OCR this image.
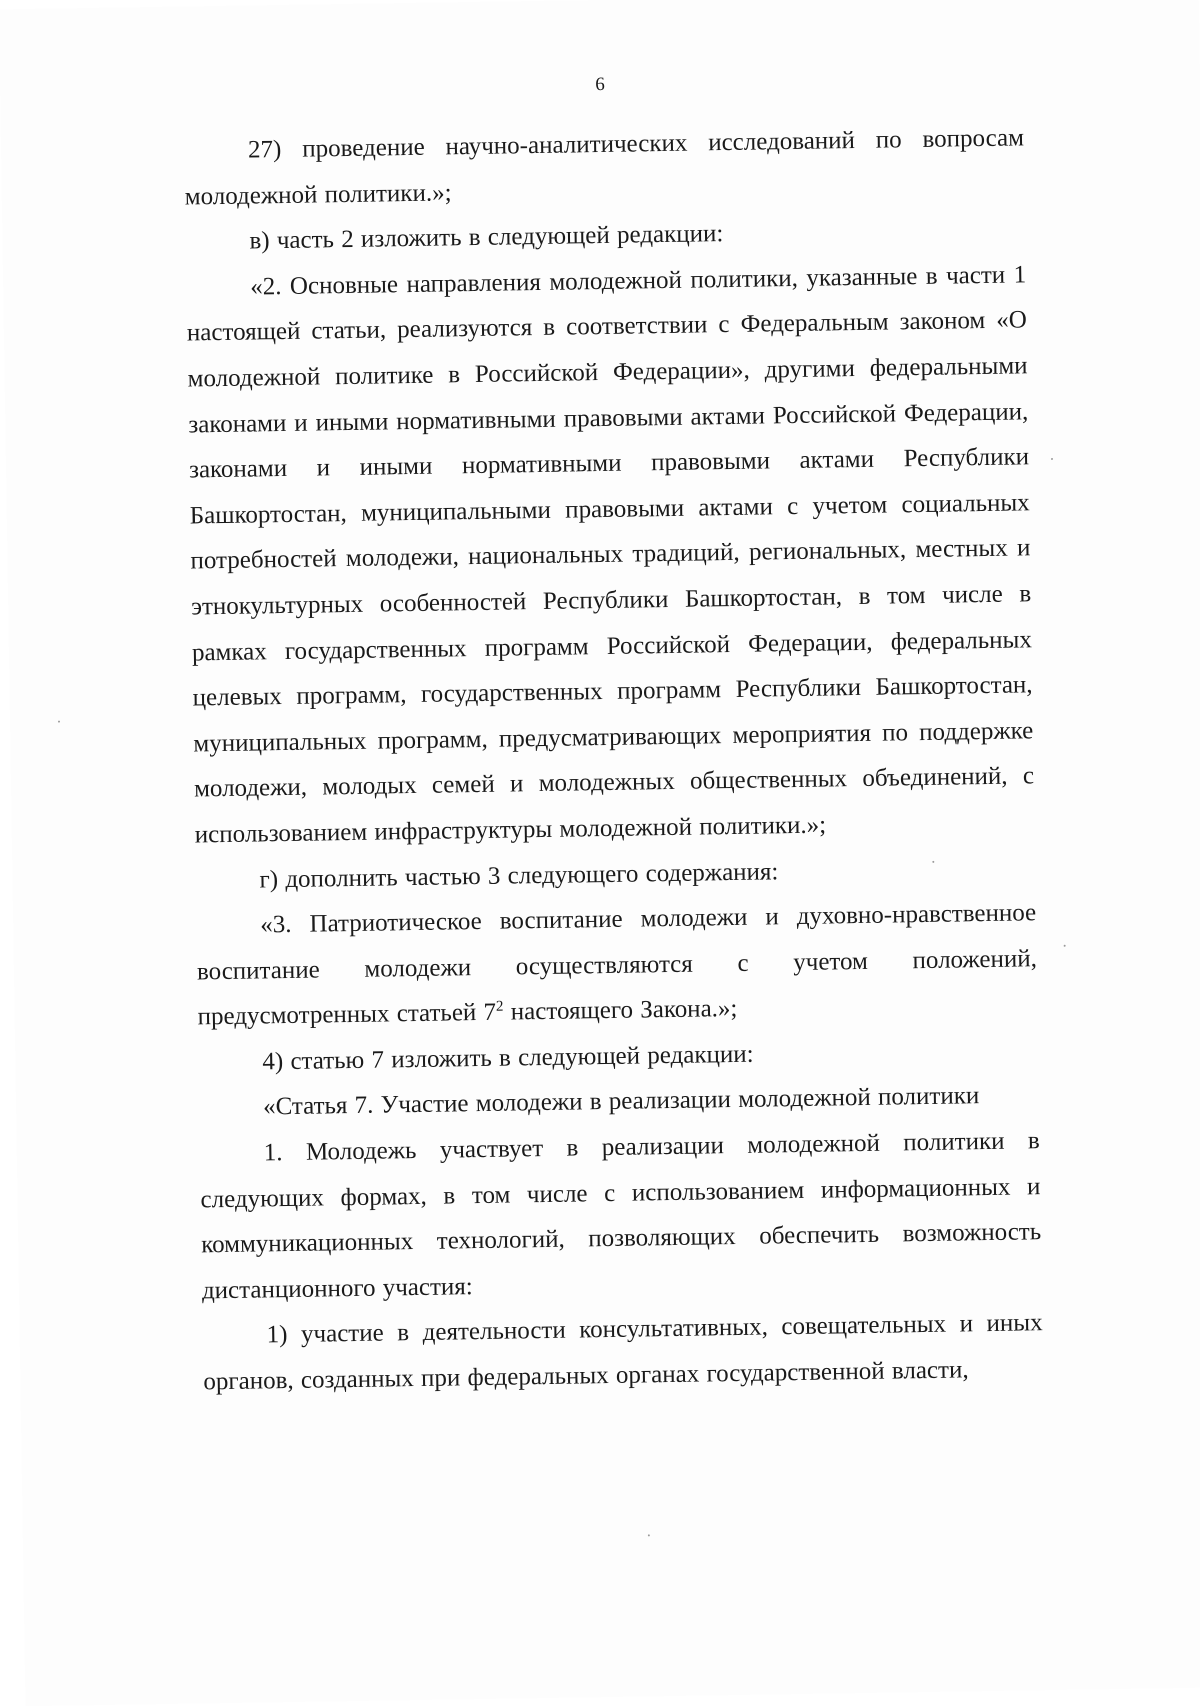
6

27) проведение научно-аналитических исследований по вопросам молодежной политики.»;

в) часть 2 изложить в следующей редакции:

«2. Основные направления молодежной политики, указанные в части 1 настоящей статьи, реализуются в соответствии с Федеральным законом «О молодежной политике в Российской Федерации», другими федеральными законами и иными нормативными правовыми актами Российской Федерации, законами и иными нормативными правовыми актами Республики Башкортостан, муниципальными правовыми актами с учетом социальных потребностей молодежи, национальных традиций, региональных, местных и этнокультурных особенностей Республики Башкортостан, в том числе в рамках государственных программ Российской Федерации, федеральных целевых программ, государственных программ Республики Башкортостан, муниципальных программ, предусматривающих мероприятия по поддержке молодежи, молодых семей и молодежных общественных объединений, с использованием инфраструктуры молодежной политики.»;

г) дополнить частью 3 следующего содержания:

«3. Патриотическое воспитание молодежи и духовно-нравственное воспитание молодежи осуществляются с учетом положений, предусмотренных статьей $7^2$ настоящего Закона.»;

4) статью 7 изложить в следующей редакции:

«Статья 7. Участие молодежи в реализации молодежной политики

1. Молодежь участвует в реализации молодежной политики в следующих формах, в том числе с использованием информационных и коммуникационных технологий, позволяющих обеспечить возможность дистанционного участия:

1) участие в деятельности консультативных, совещательных и иных органов, созданных при федеральных органах государственной власти,
